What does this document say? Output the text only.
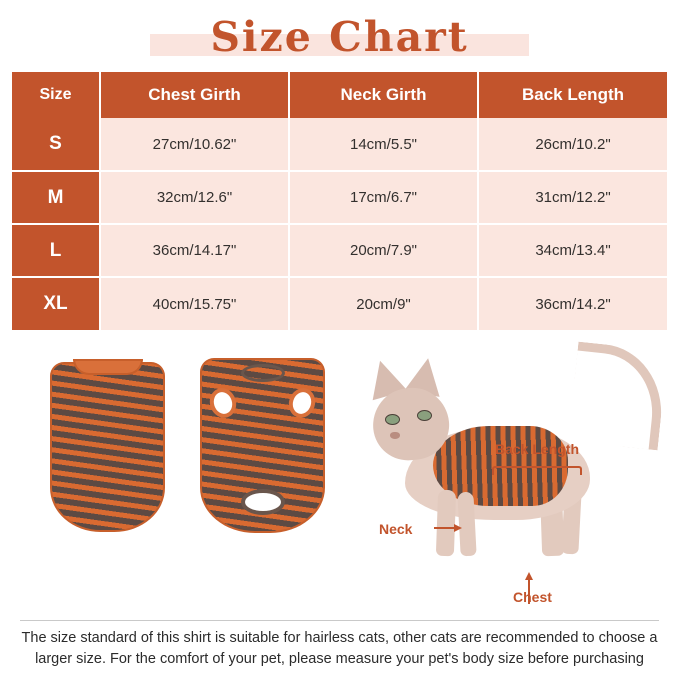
Size Chart
Size	Chest Girth	Neck Girth	Back Length
S	27cm/10.62"	14cm/5.5"	26cm/10.2"
M	32cm/12.6"	17cm/6.7"	31cm/12.2"
L	36cm/14.17"	20cm/7.9"	34cm/13.4"
XL	40cm/15.75"	20cm/9"	36cm/14.2"
Back Length
Neck
Chest
The size standard of this shirt is suitable for hairless cats, other cats are recommended to choose a larger size. For the comfort of your pet, please measure your pet's body size before purchasing
